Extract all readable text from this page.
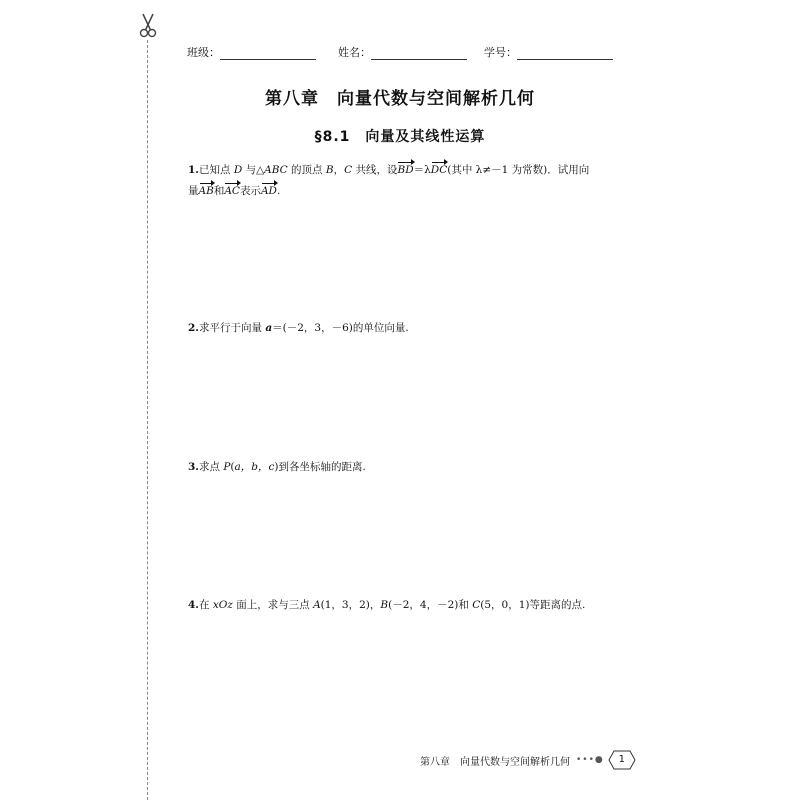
班级：	姓名：	学号：
第八章　向量代数与空间解析几何
§8.1　向量及其线性运算
1.已知点 D 与△ABC 的顶点 B，C 共线，设BD＝λDC(其中 λ≠－1 为常数)．试用向
量AB和AC表示AD.
2.求平行于向量 a＝(－2，3，－6)的单位向量.
3.求点 P(a，b，c)到各坐标轴的距离.
4.在 xOz 面上，求与三点 A(1，3，2)，B(－2，4，－2)和 C(5，0，1)等距离的点.
第八章　向量代数与空间解析几何 •••●	1
